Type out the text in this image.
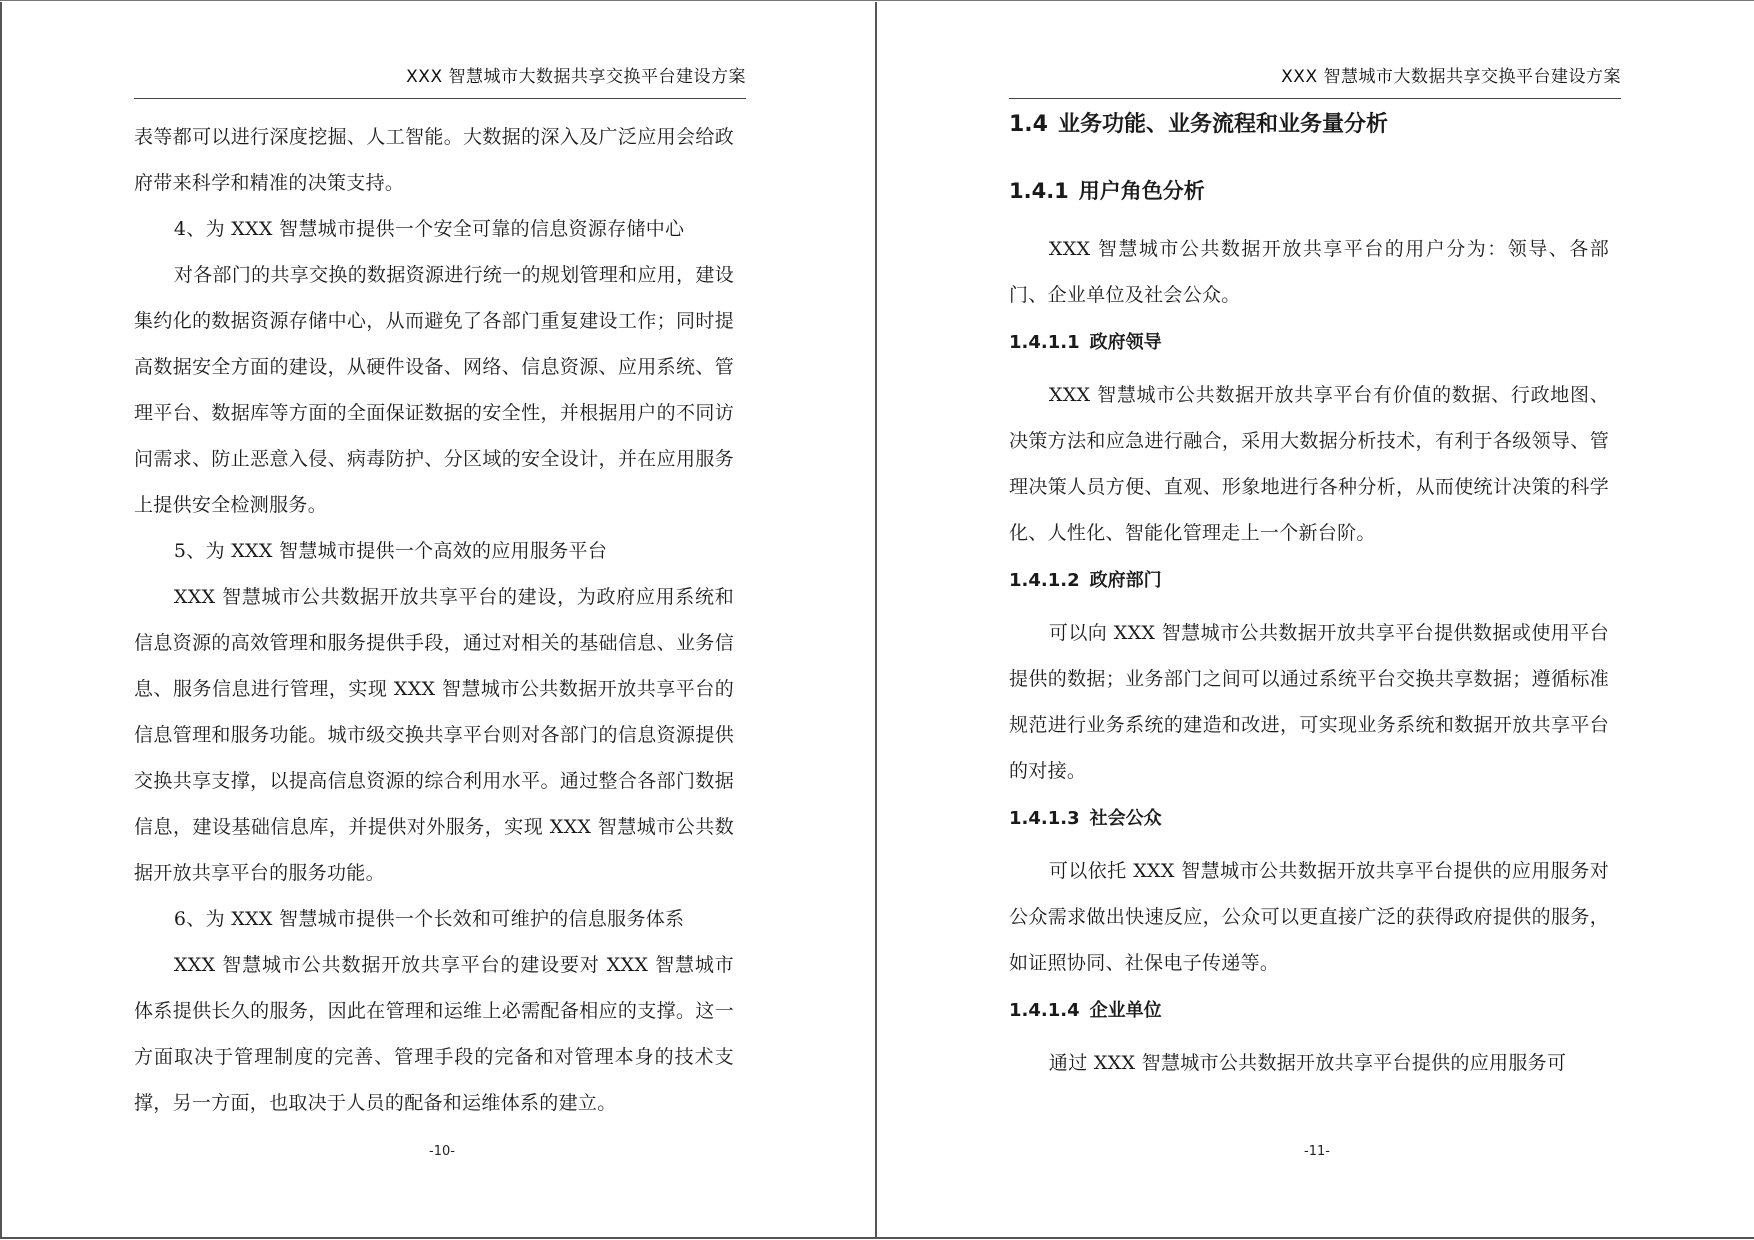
XXX 智慧城市大数据共享交换平台建设方案

表等都可以进行深度挖掘、人工智能。大数据的深入及广泛应用会给政府带来科学和精准的决策支持。

4、为 XXX 智慧城市提供一个安全可靠的信息资源存储中心

对各部门的共享交换的数据资源进行统一的规划管理和应用，建设集约化的数据资源存储中心，从而避免了各部门重复建设工作；同时提高数据安全方面的建设，从硬件设备、网络、信息资源、应用系统、管理平台、数据库等方面的全面保证数据的安全性，并根据用户的不同访问需求、防止恶意入侵、病毒防护、分区域的安全设计，并在应用服务上提供安全检测服务。

5、为 XXX 智慧城市提供一个高效的应用服务平台

XXX 智慧城市公共数据开放共享平台的建设，为政府应用系统和信息资源的高效管理和服务提供手段，通过对相关的基础信息、业务信息、服务信息进行管理，实现 XXX 智慧城市公共数据开放共享平台的信息管理和服务功能。城市级交换共享平台则对各部门的信息资源提供交换共享支撑，以提高信息资源的综合利用水平。通过整合各部门数据信息，建设基础信息库，并提供对外服务，实现 XXX 智慧城市公共数据开放共享平台的服务功能。

6、为 XXX 智慧城市提供一个长效和可维护的信息服务体系

XXX 智慧城市公共数据开放共享平台的建设要对 XXX 智慧城市体系提供长久的服务，因此在管理和运维上必需配备相应的支撑。这一方面取决于管理制度的完善、管理手段的完备和对管理本身的技术支撑，另一方面，也取决于人员的配备和运维体系的建立。

-10-
XXX 智慧城市大数据共享交换平台建设方案
1.4 业务功能、业务流程和业务量分析
1.4.1 用户角色分析

XXX 智慧城市公共数据开放共享平台的用户分为：领导、各部门、企业单位及社会公众。

1.4.1.1 政府领导

XXX 智慧城市公共数据开放共享平台有价值的数据、行政地图、决策方法和应急进行融合，采用大数据分析技术，有利于各级领导、管理决策人员方便、直观、形象地进行各种分析，从而使统计决策的科学化、人性化、智能化管理走上一个新台阶。

1.4.1.2 政府部门

可以向 XXX 智慧城市公共数据开放共享平台提供数据或使用平台提供的数据；业务部门之间可以通过系统平台交换共享数据；遵循标准规范进行业务系统的建造和改进，可实现业务系统和数据开放共享平台的对接。

1.4.1.3 社会公众

可以依托 XXX 智慧城市公共数据开放共享平台提供的应用服务对公众需求做出快速反应，公众可以更直接广泛的获得政府提供的服务，如证照协同、社保电子传递等。

1.4.1.4 企业单位

通过 XXX 智慧城市公共数据开放共享平台提供的应用服务可

-11-
